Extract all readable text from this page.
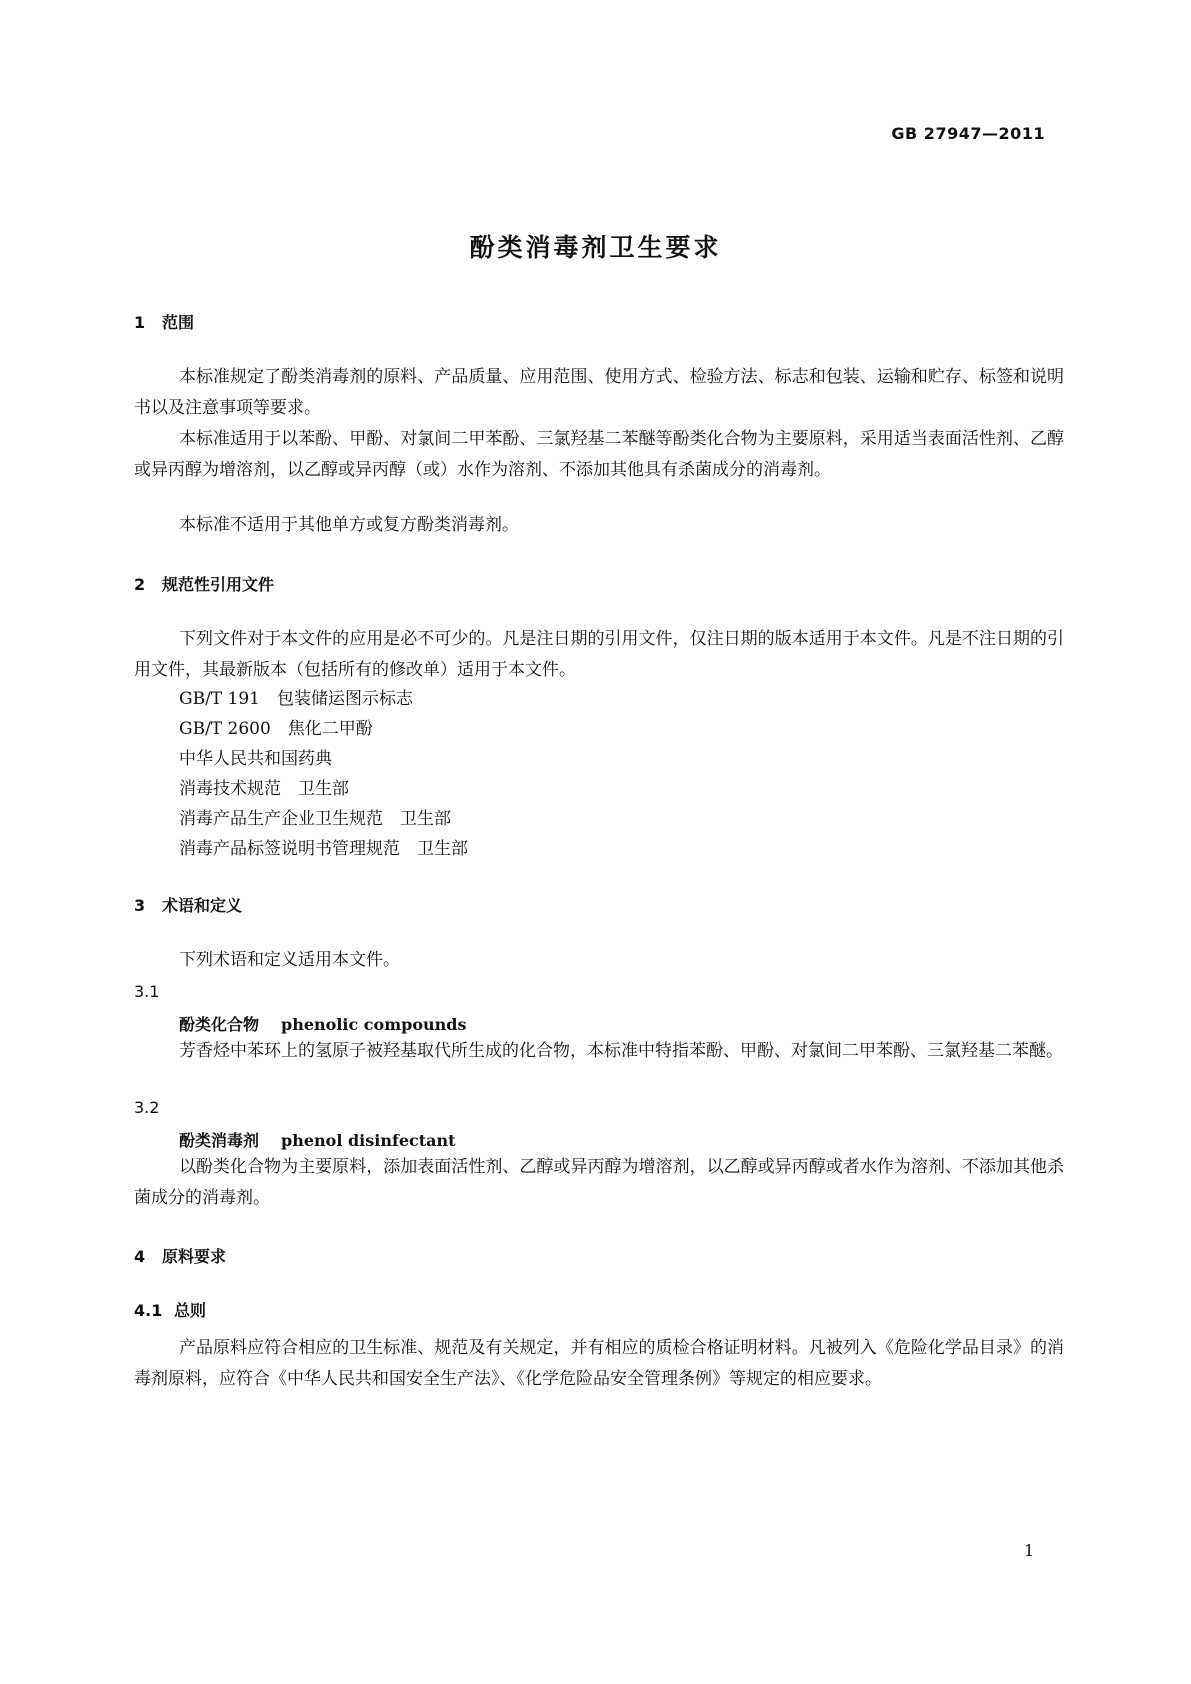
GB 27947—2011
酚类消毒剂卫生要求
1 范围
本标准规定了酚类消毒剂的原料、产品质量、应用范围、使用方式、检验方法、标志和包装、运输和贮存、标签和说明书以及注意事项等要求。
本标准适用于以苯酚、甲酚、对氯间二甲苯酚、三氯羟基二苯醚等酚类化合物为主要原料，采用适当表面活性剂、乙醇或异丙醇为增溶剂，以乙醇或异丙醇（或）水作为溶剂、不添加其他具有杀菌成分的消毒剂。
本标准不适用于其他单方或复方酚类消毒剂。
2 规范性引用文件
下列文件对于本文件的应用是必不可少的。凡是注日期的引用文件，仅注日期的版本适用于本文件。凡是不注日期的引用文件，其最新版本（包括所有的修改单）适用于本文件。
GB/T 191　包装储运图示标志
GB/T 2600　焦化二甲酚
中华人民共和国药典
消毒技术规范　卫生部
消毒产品生产企业卫生规范　卫生部
消毒产品标签说明书管理规范　卫生部
3 术语和定义
下列术语和定义适用本文件。
3.1
酚类化合物 phenolic compounds
芳香烃中苯环上的氢原子被羟基取代所生成的化合物，本标准中特指苯酚、甲酚、对氯间二甲苯酚、三氯羟基二苯醚。
3.2
酚类消毒剂 phenol disinfectant
以酚类化合物为主要原料，添加表面活性剂、乙醇或异丙醇为增溶剂，以乙醇或异丙醇或者水作为溶剂、不添加其他杀菌成分的消毒剂。
4 原料要求
4.1 总则
产品原料应符合相应的卫生标准、规范及有关规定，并有相应的质检合格证明材料。凡被列入《危险化学品目录》的消毒剂原料，应符合《中华人民共和国安全生产法》、《化学危险品安全管理条例》等规定的相应要求。
1
